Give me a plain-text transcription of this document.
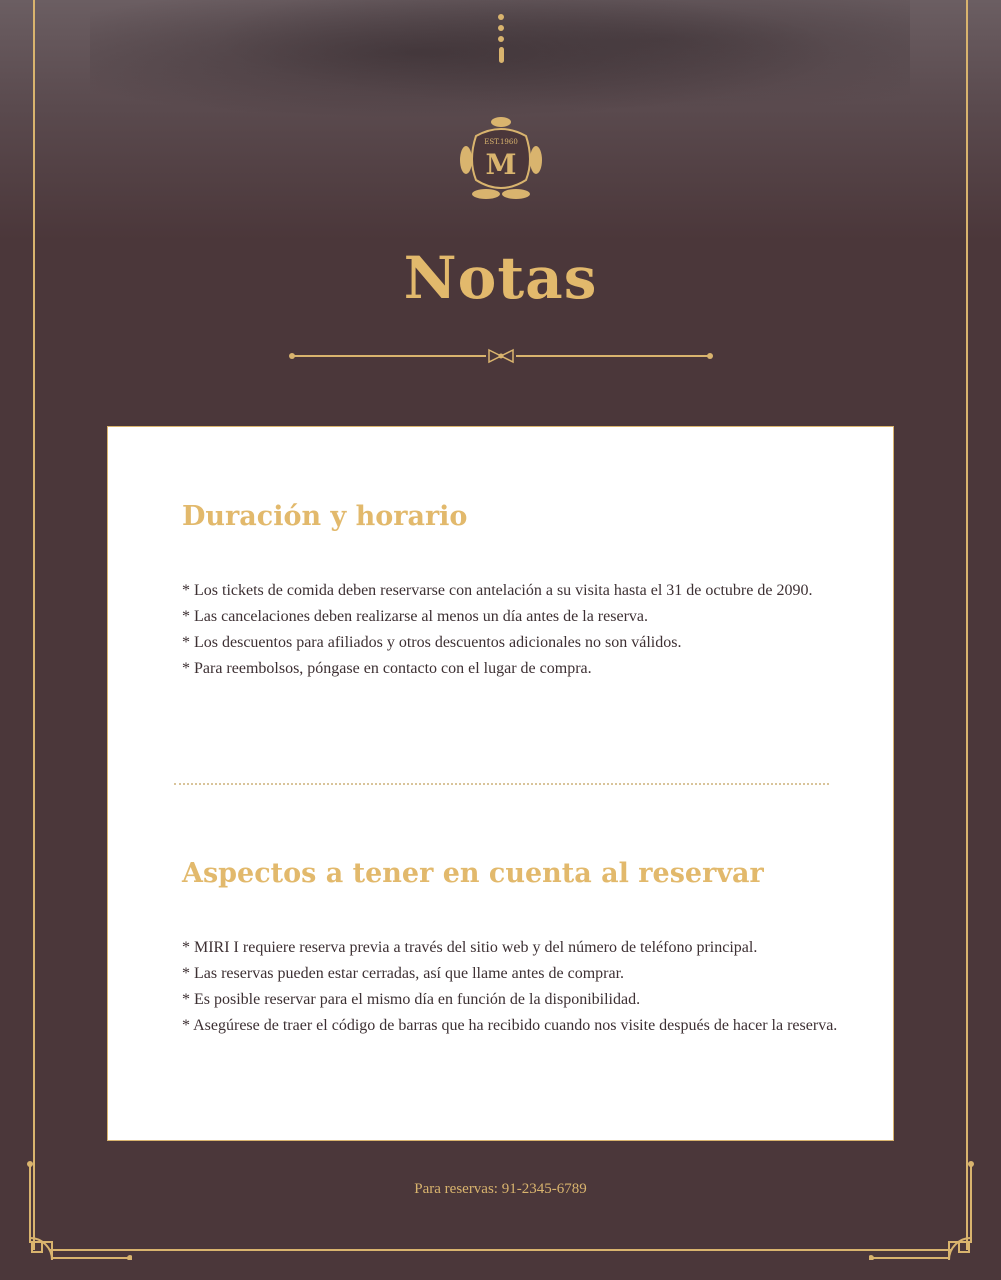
EST.1960
M
Notas
Duración y horario
* Los tickets de comida deben reservarse con antelación a su visita hasta el 31 de octubre de 2090.
* Las cancelaciones deben realizarse al menos un día antes de la reserva.
* Los descuentos para afiliados y otros descuentos adicionales no son válidos.
* Para reembolsos, póngase en contacto con el lugar de compra.
Aspectos a tener en cuenta al reservar
* MIRI I requiere reserva previa a través del sitio web y del número de teléfono principal.
* Las reservas pueden estar cerradas, así que llame antes de comprar.
* Es posible reservar para el mismo día en función de la disponibilidad.
* Asegúrese de traer el código de barras que ha recibido cuando nos visite después de hacer la reserva.
Para reservas: 91-2345-6789
